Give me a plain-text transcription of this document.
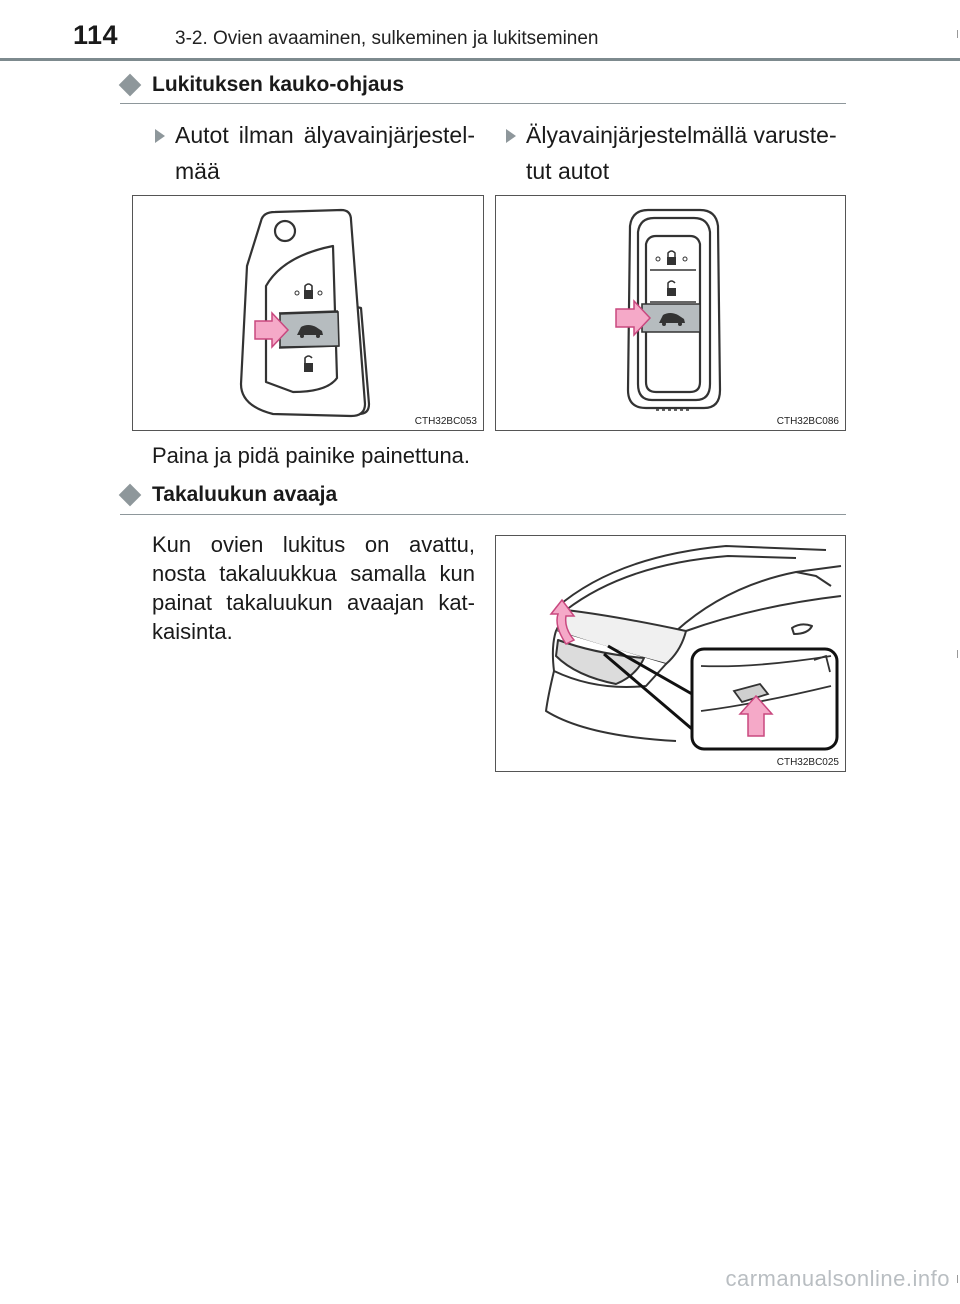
114	3-2. Ovien avaaminen, sulkeminen ja lukitseminen
Lukituksen kauko-ohjaus
Autot ilman älyavainjärjestel-mää
Älyavainjärjestelmällä varuste-tut autot
CTH32BC053	CTH32BC086
Paina ja pidä painike painettuna.
Takaluukun avaaja
Kun ovien lukitus on avattu, nosta takaluukkua samalla kun painat takaluukun avaajan kat-kaisinta.
CTH32BC025
carmanualsonline.info
